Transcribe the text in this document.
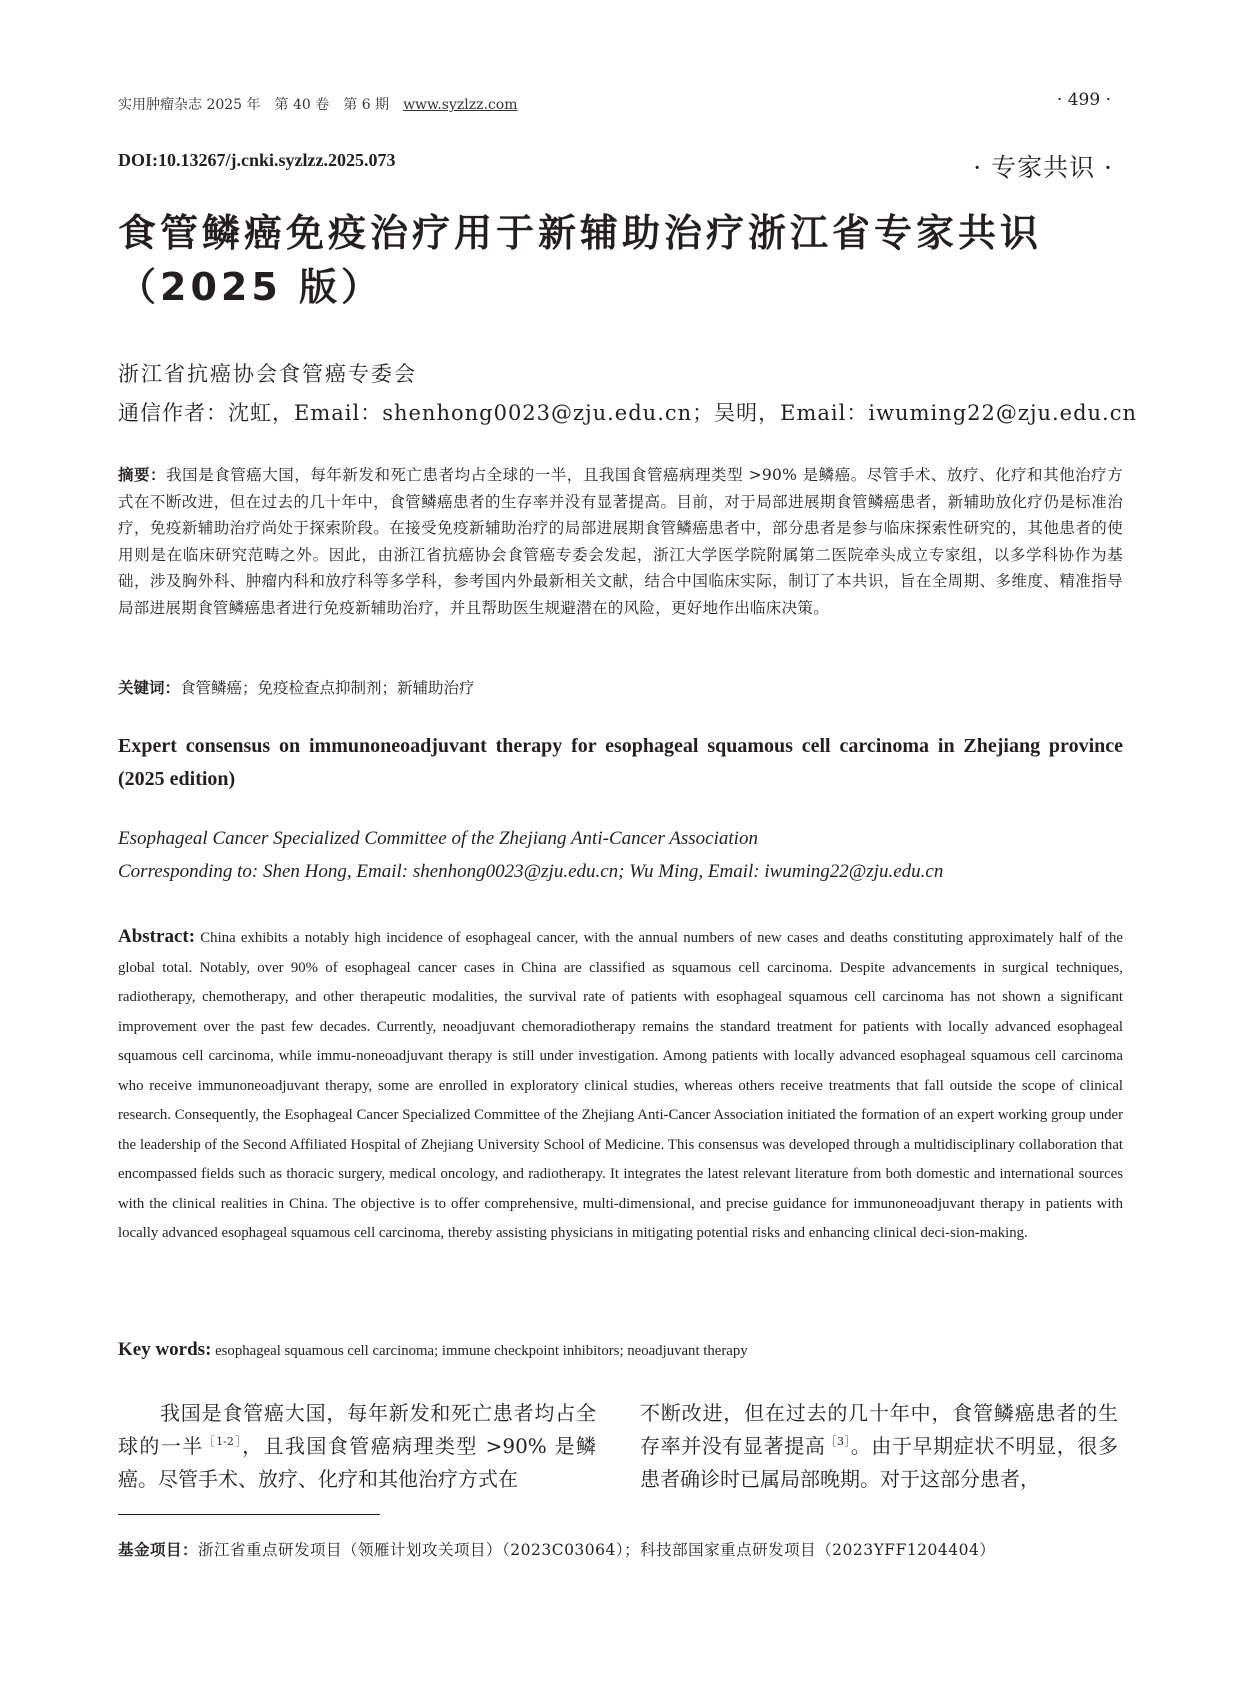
实用肿瘤杂志 2025 年　第 40 卷　第 6 期　www.syzlzz.com	· 499 ·
DOI:10.13267/j.cnki.syzlzz.2025.073	· 专家共识 ·
食管鳞癌免疫治疗用于新辅助治疗浙江省专家共识
（2025 版）
浙江省抗癌协会食管癌专委会
通信作者：沈虹，Email：shenhong0023@zju.edu.cn；吴明，Email：iwuming22@zju.edu.cn
摘要：我国是食管癌大国，每年新发和死亡患者均占全球的一半，且我国食管癌病理类型 >90% 是鳞癌。尽管手术、放疗、化疗和其他治疗方式在不断改进，但在过去的几十年中，食管鳞癌患者的生存率并没有显著提高。目前，对于局部进展期食管鳞癌患者，新辅助放化疗仍是标准治疗，免疫新辅助治疗尚处于探索阶段。在接受免疫新辅助治疗的局部进展期食管鳞癌患者中，部分患者是参与临床探索性研究的，其他患者的使用则是在临床研究范畴之外。因此，由浙江省抗癌协会食管癌专委会发起，浙江大学医学院附属第二医院牵头成立专家组，以多学科协作为基础，涉及胸外科、肿瘤内科和放疗科等多学科，参考国内外最新相关文献，结合中国临床实际，制订了本共识，旨在全周期、多维度、精准指导局部进展期食管鳞癌患者进行免疫新辅助治疗，并且帮助医生规避潜在的风险，更好地作出临床决策。
关键词：食管鳞癌；免疫检查点抑制剂；新辅助治疗
Expert consensus on immunoneoadjuvant therapy for esophageal squamous cell carcinoma in Zhejiang province (2025 edition)
Esophageal Cancer Specialized Committee of the Zhejiang Anti-Cancer Association
Corresponding to: Shen Hong, Email: shenhong0023@zju.edu.cn; Wu Ming, Email: iwuming22@zju.edu.cn
Abstract: China exhibits a notably high incidence of esophageal cancer, with the annual numbers of new cases and deaths constituting approximately half of the global total. Notably, over 90% of esophageal cancer cases in China are classified as squamous cell carcinoma. Despite advancements in surgical techniques, radiotherapy, chemotherapy, and other therapeutic modalities, the survival rate of patients with esophageal squamous cell carcinoma has not shown a significant improvement over the past few decades. Currently, neoadjuvant chemoradiotherapy remains the standard treatment for patients with locally advanced esophageal squamous cell carcinoma, while immu-noneoadjuvant therapy is still under investigation. Among patients with locally advanced esophageal squamous cell carcinoma who receive immunoneoadjuvant therapy, some are enrolled in exploratory clinical studies, whereas others receive treatments that fall outside the scope of clinical research. Consequently, the Esophageal Cancer Specialized Committee of the Zhejiang Anti-Cancer Association initiated the formation of an expert working group under the leadership of the Second Affiliated Hospital of Zhejiang University School of Medicine. This consensus was developed through a multidisciplinary collaboration that encompassed fields such as thoracic surgery, medical oncology, and radiotherapy. It integrates the latest relevant literature from both domestic and international sources with the clinical realities in China. The objective is to offer comprehensive, multi-dimensional, and precise guidance for immunoneoadjuvant therapy in patients with locally advanced esophageal squamous cell carcinoma, thereby assisting physicians in mitigating potential risks and enhancing clinical deci-sion-making.
Key words: esophageal squamous cell carcinoma; immune checkpoint inhibitors; neoadjuvant therapy
我国是食管癌大国，每年新发和死亡患者均占全球的一半$^{[1-2]}$，且我国食管癌病理类型 >90% 是鳞癌。尽管手术、放疗、化疗和其他治疗方式在
不断改进，但在过去的几十年中，食管鳞癌患者的生存率并没有显著提高$^{[3]}$。由于早期症状不明显，很多患者确诊时已属局部晚期。对于这部分患者，
基金项目：浙江省重点研发项目（领雁计划攻关项目）（2023C03064）；科技部国家重点研发项目（2023YFF1204404）
